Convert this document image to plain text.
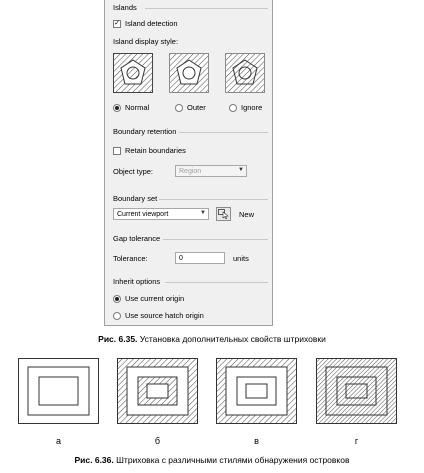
Islands
✓ Island detection
Island display style:
Normal	Outer	Ignore
Boundary retention
Retain boundaries
Object type:	Region	▼
Boundary set
Current viewport	▼	New
Gap tolerance
Tolerance:	0	units
Inherit options
Use current origin
Use source hatch origin
Рис. 6.35. Установка дополнительных свойств штриховки
а	б	в	г
Рис. 6.36. Штриховка с различными стилями обнаружения островков
